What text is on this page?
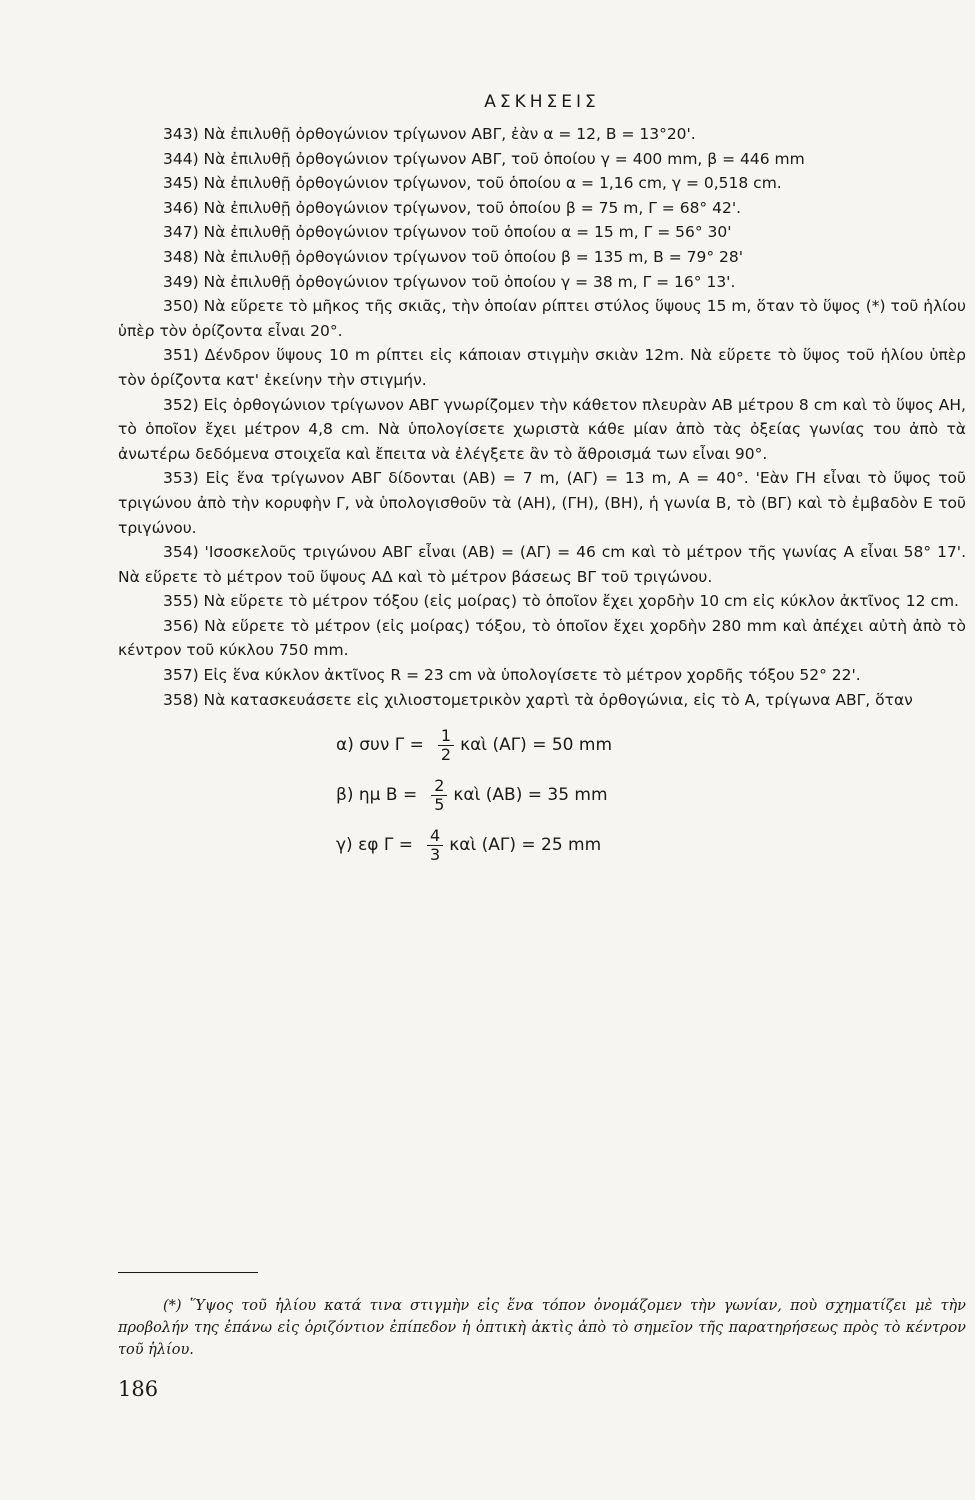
ΑΣΚΗΣΕΙΣ

343) Νὰ ἐπιλυθῇ ὀρθογώνιον τρίγωνον ΑΒΓ, ἐὰν α = 12, Β = 13°20'.

344) Νὰ ἐπιλυθῇ ὀρθογώνιον τρίγωνον ΑΒΓ, τοῦ ὁποίου γ = 400 mm, β = 446 mm

345) Νὰ ἐπιλυθῇ ὀρθογώνιον τρίγωνον, τοῦ ὁποίου α = 1,16 cm, γ = 0,518 cm.

346) Νὰ ἐπιλυθῇ ὀρθογώνιον τρίγωνον, τοῦ ὁποίου β = 75 m, Γ = 68° 42'.

347) Νὰ ἐπιλυθῇ ὀρθογώνιον τρίγωνον τοῦ ὁποίου α = 15 m, Γ = 56° 30'

348) Νὰ ἐπιλυθῇ ὀρθογώνιον τρίγωνον τοῦ ὁποίου β = 135 m, Β = 79° 28'

349) Νὰ ἐπιλυθῇ ὀρθογώνιον τρίγωνον τοῦ ὁποίου γ = 38 m, Γ = 16° 13'.

350) Νὰ εὕρετε τὸ μῆκος τῆς σκιᾶς, τὴν ὁποίαν ρίπτει στύλος ὕψους 15 m, ὅταν τὸ ὕψος (*) τοῦ ἡλίου ὑπὲρ τὸν ὁρίζοντα εἶναι 20°.

351) Δένδρον ὕψους 10 m ρίπτει εἰς κάποιαν στιγμὴν σκιὰν 12m. Νὰ εὕρετε τὸ ὕψος τοῦ ἡλίου ὑπὲρ τὸν ὁρίζοντα κατ' ἐκείνην τὴν στιγμήν.

352) Εἰς ὀρθογώνιον τρίγωνον ΑΒΓ γνωρίζομεν τὴν κάθετον πλευρὰν ΑΒ μέτρου 8 cm καὶ τὸ ὕψος ΑΗ, τὸ ὁποῖον ἔχει μέτρον 4,8 cm. Νὰ ὑπολογίσετε χωριστὰ κάθε μίαν ἀπὸ τὰς ὀξείας γωνίας του ἀπὸ τὰ ἀνωτέρω δεδόμενα στοιχεῖα καὶ ἔπειτα νὰ ἐλέγξετε ἂν τὸ ἄθροισμά των εἶναι 90°.

353) Εἰς ἕνα τρίγωνον ΑΒΓ δίδονται (ΑΒ) = 7 m, (ΑΓ) = 13 m, Α = 40°. 'Εὰν ΓΗ εἶναι τὸ ὕψος τοῦ τριγώνου ἀπὸ τὴν κορυφὴν Γ, νὰ ὑπολογισθοῦν τὰ (ΑΗ), (ΓΗ), (ΒΗ), ἡ γωνία Β, τὸ (ΒΓ) καὶ τὸ ἐμβαδὸν Ε τοῦ τριγώνου.

354) 'Ισοσκελοῦς τριγώνου ΑΒΓ εἶναι (ΑΒ) = (ΑΓ) = 46 cm καὶ τὸ μέτρον τῆς γωνίας Α εἶναι 58° 17'. Νὰ εὕρετε τὸ μέτρον τοῦ ὕψους ΑΔ καὶ τὸ μέτρον βάσεως ΒΓ τοῦ τριγώνου.

355) Νὰ εὕρετε τὸ μέτρον τόξου (εἰς μοίρας) τὸ ὁποῖον ἔχει χορδὴν 10 cm εἰς κύκλον ἀκτῖνος 12 cm.

356) Νὰ εὕρετε τὸ μέτρον (εἰς μοίρας) τόξου, τὸ ὁποῖον ἔχει χορδὴν 280 mm καὶ ἀπέχει αὐτὴ ἀπὸ τὸ κέντρον τοῦ κύκλου 750 mm.

357) Εἰς ἕνα κύκλον ἀκτῖνος R = 23 cm νὰ ὑπολογίσετε τὸ μέτρον χορδῆς τόξου 52° 22'.

358) Νὰ κατασκευάσετε εἰς χιλιοστομετρικὸν χαρτὶ τὰ ὀρθογώνια, εἰς τὸ Α, τρίγωνα ΑΒΓ, ὅταν

α) συν $\Gamma = \frac{1}{2}$ καὶ (ΑΓ) = 50 mm
β) ημ $B = \frac{2}{5}$ καὶ (ΑΒ) = 35 mm
γ) εφ $\Gamma = \frac{4}{3}$ καὶ (ΑΓ) = 25 mm

(*) Ὕψος τοῦ ἡλίου κατά τινα στιγμὴν εἰς ἕνα τόπον ὀνομάζομεν τὴν γωνίαν, ποὺ σχηματίζει μὲ τὴν προβολήν της ἐπάνω εἰς ὁριζόντιον ἐπίπεδον ἡ ὀπτικὴ ἀκτὶς ἀπὸ τὸ σημεῖον τῆς παρατηρήσεως πρὸς τὸ κέντρον τοῦ ἡλίου.

186
